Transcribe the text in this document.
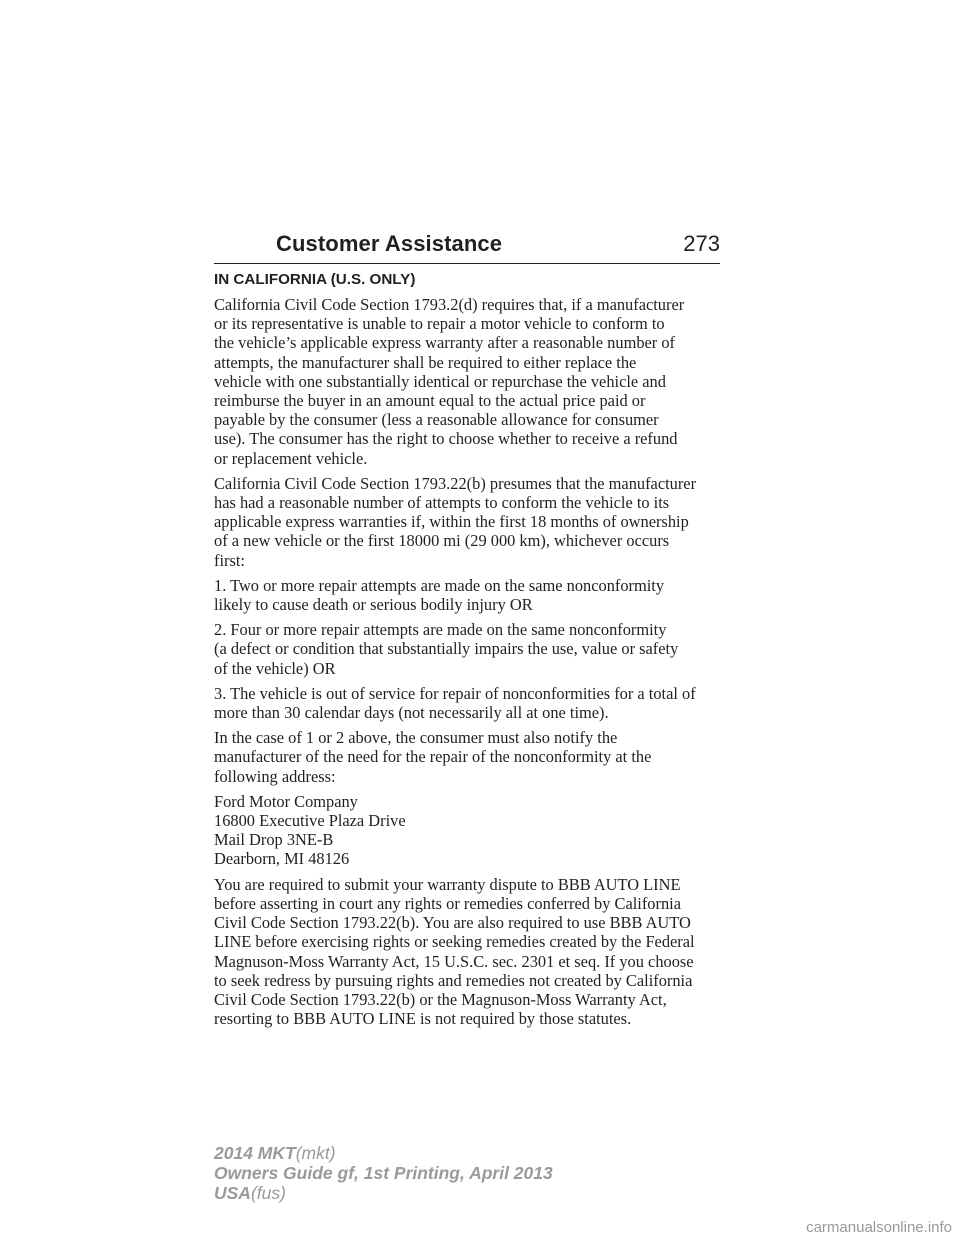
Customer Assistance	273
IN CALIFORNIA (U.S. ONLY)

California Civil Code Section 1793.2(d) requires that, if a manufacturer
or its representative is unable to repair a motor vehicle to conform to
the vehicle’s applicable express warranty after a reasonable number of
attempts, the manufacturer shall be required to either replace the
vehicle with one substantially identical or repurchase the vehicle and
reimburse the buyer in an amount equal to the actual price paid or
payable by the consumer (less a reasonable allowance for consumer
use). The consumer has the right to choose whether to receive a refund
or replacement vehicle.

California Civil Code Section 1793.22(b) presumes that the manufacturer
has had a reasonable number of attempts to conform the vehicle to its
applicable express warranties if, within the first 18 months of ownership
of a new vehicle or the first 18000 mi (29 000 km), whichever occurs
first:

1. Two or more repair attempts are made on the same nonconformity
likely to cause death or serious bodily injury OR

2. Four or more repair attempts are made on the same nonconformity
(a defect or condition that substantially impairs the use, value or safety
of the vehicle) OR

3. The vehicle is out of service for repair of nonconformities for a total of
more than 30 calendar days (not necessarily all at one time).

In the case of 1 or 2 above, the consumer must also notify the
manufacturer of the need for the repair of the nonconformity at the
following address:

Ford Motor Company
16800 Executive Plaza Drive
Mail Drop 3NE-B
Dearborn, MI 48126

You are required to submit your warranty dispute to BBB AUTO LINE
before asserting in court any rights or remedies conferred by California
Civil Code Section 1793.22(b). You are also required to use BBB AUTO
LINE before exercising rights or seeking remedies created by the Federal
Magnuson-Moss Warranty Act, 15 U.S.C. sec. 2301 et seq. If you choose
to seek redress by pursuing rights and remedies not created by California
Civil Code Section 1793.22(b) or the Magnuson-Moss Warranty Act,
resorting to BBB AUTO LINE is not required by those statutes.

2014 MKT(mkt)
Owners Guide gf, 1st Printing, April 2013
USA(fus)
carmanualsonline.info
